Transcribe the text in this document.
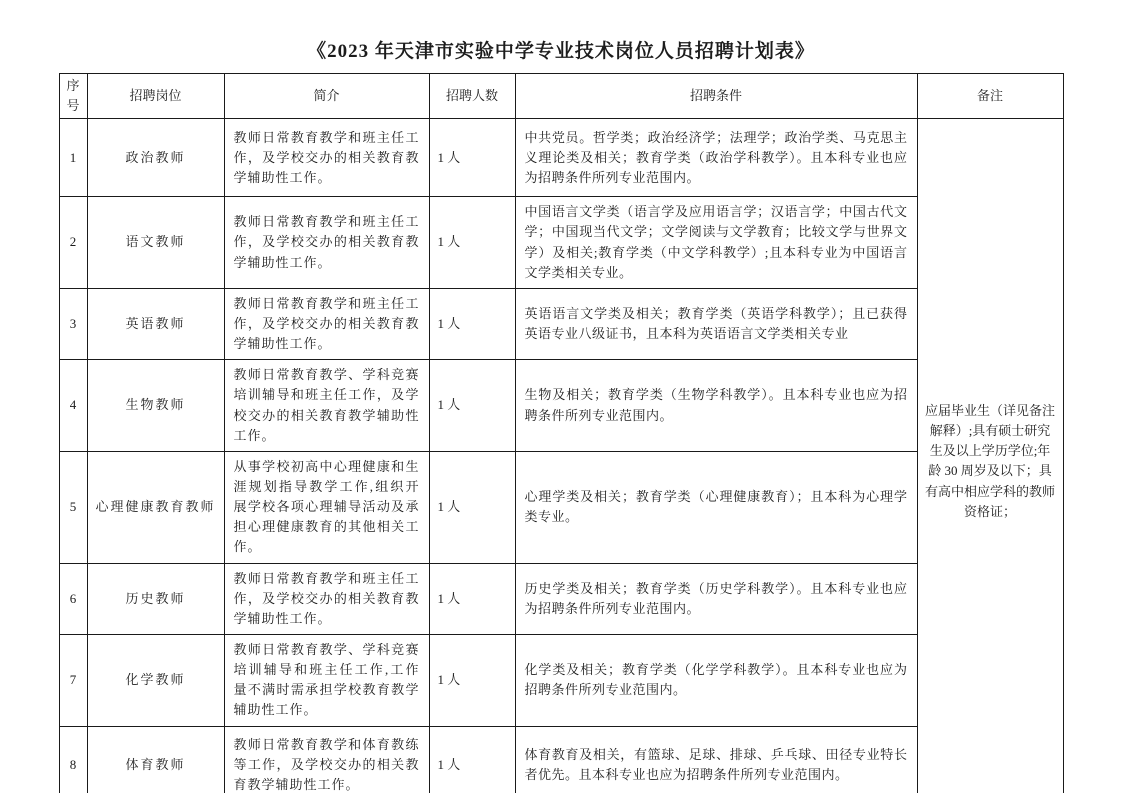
《2023 年天津市实验中学专业技术岗位人员招聘计划表》
序号	招聘岗位	简介	招聘人数	招聘条件	备注
1	政治教师	教师日常教育教学和班主任工作，及学校交办的相关教育教学辅助性工作。	1 人	中共党员。哲学类；政治经济学；法理学；政治学类、马克思主义理论类及相关；教育学类（政治学科教学）。且本科专业也应为招聘条件所列专业范围内。	应届毕业生（详见备注解释）;具有硕士研究生及以上学历学位;年龄 30 周岁及以下；具有高中相应学科的教师资格证；
2	语文教师	教师日常教育教学和班主任工作，及学校交办的相关教育教学辅助性工作。	1 人	中国语言文学类（语言学及应用语言学；汉语言学；中国古代文学；中国现当代文学；文学阅读与文学教育；比较文学与世界文学）及相关;教育学类（中文学科教学）;且本科专业为中国语言文学类相关专业。	
3	英语教师	教师日常教育教学和班主任工作，及学校交办的相关教育教学辅助性工作。	1 人	英语语言文学类及相关；教育学类（英语学科教学）；且已获得英语专业八级证书，且本科为英语语言文学类相关专业	
4	生物教师	教师日常教育教学、学科竞赛培训辅导和班主任工作，及学校交办的相关教育教学辅助性工作。	1 人	生物及相关；教育学类（生物学科教学）。且本科专业也应为招聘条件所列专业范围内。	
5	心理健康教育教师	从事学校初高中心理健康和生涯规划指导教学工作,组织开展学校各项心理辅导活动及承担心理健康教育的其他相关工作。	1 人	心理学类及相关；教育学类（心理健康教育）；且本科为心理学类专业。	
6	历史教师	教师日常教育教学和班主任工作，及学校交办的相关教育教学辅助性工作。	1 人	历史学类及相关；教育学类（历史学科教学）。且本科专业也应为招聘条件所列专业范围内。	
7	化学教师	教师日常教育教学、学科竞赛培训辅导和班主任工作,工作量不满时需承担学校教育教学辅助性工作。	1 人	化学类及相关；教育学类（化学学科教学）。且本科专业也应为招聘条件所列专业范围内。	
8	体育教师	教师日常教育教学和体育教练等工作，及学校交办的相关教育教学辅助性工作。	1 人	体育教育及相关，有篮球、足球、排球、乒乓球、田径专业特长者优先。且本科专业也应为招聘条件所列专业范围内。	
